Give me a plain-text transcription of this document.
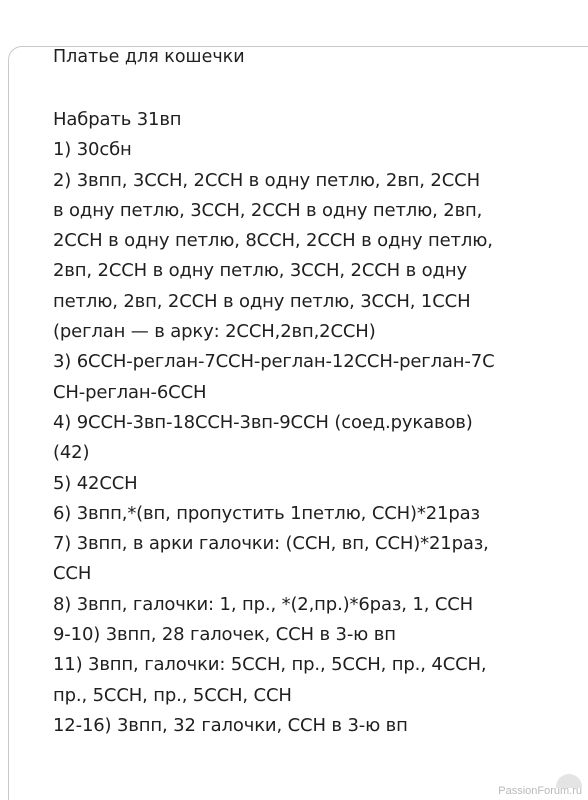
Платье для кошечки
Набрать 31вп
1) 30сбн
2) 3впп, 3ССН, 2ССН в одну петлю, 2вп, 2ССН
в одну петлю, 3ССН, 2ССН в одну петлю, 2вп,
2ССН в одну петлю, 8ССН, 2ССН в одну петлю,
2вп, 2ССН в одну петлю, 3ССН, 2ССН в одну
петлю, 2вп, 2ССН в одну петлю, 3ССН, 1ССН
(реглан — в арку: 2ССН,2вп,2ССН)
3) 6ССН-реглан-7ССН-реглан-12ССН-реглан-7С
СН-реглан-6ССН
4) 9ССН-3вп-18ССН-3вп-9ССН (соед.рукавов)
(42)
5) 42ССН
6) 3впп,*(вп, пропустить 1петлю, ССН)*21раз
7) 3впп, в арки галочки: (ССН, вп, ССН)*21раз,
ССН
8) 3впп, галочки: 1, пр., *(2,пр.)*6раз, 1, ССН
9-10) 3впп, 28 галочек, ССН в 3-ю вп
11) 3впп, галочки: 5ССН, пр., 5ССН, пр., 4ССН,
пр., 5ССН, пр., 5ССН, ССН
12-16) 3впп, 32 галочки, ССН в 3-ю вп
PassionForum.ru
